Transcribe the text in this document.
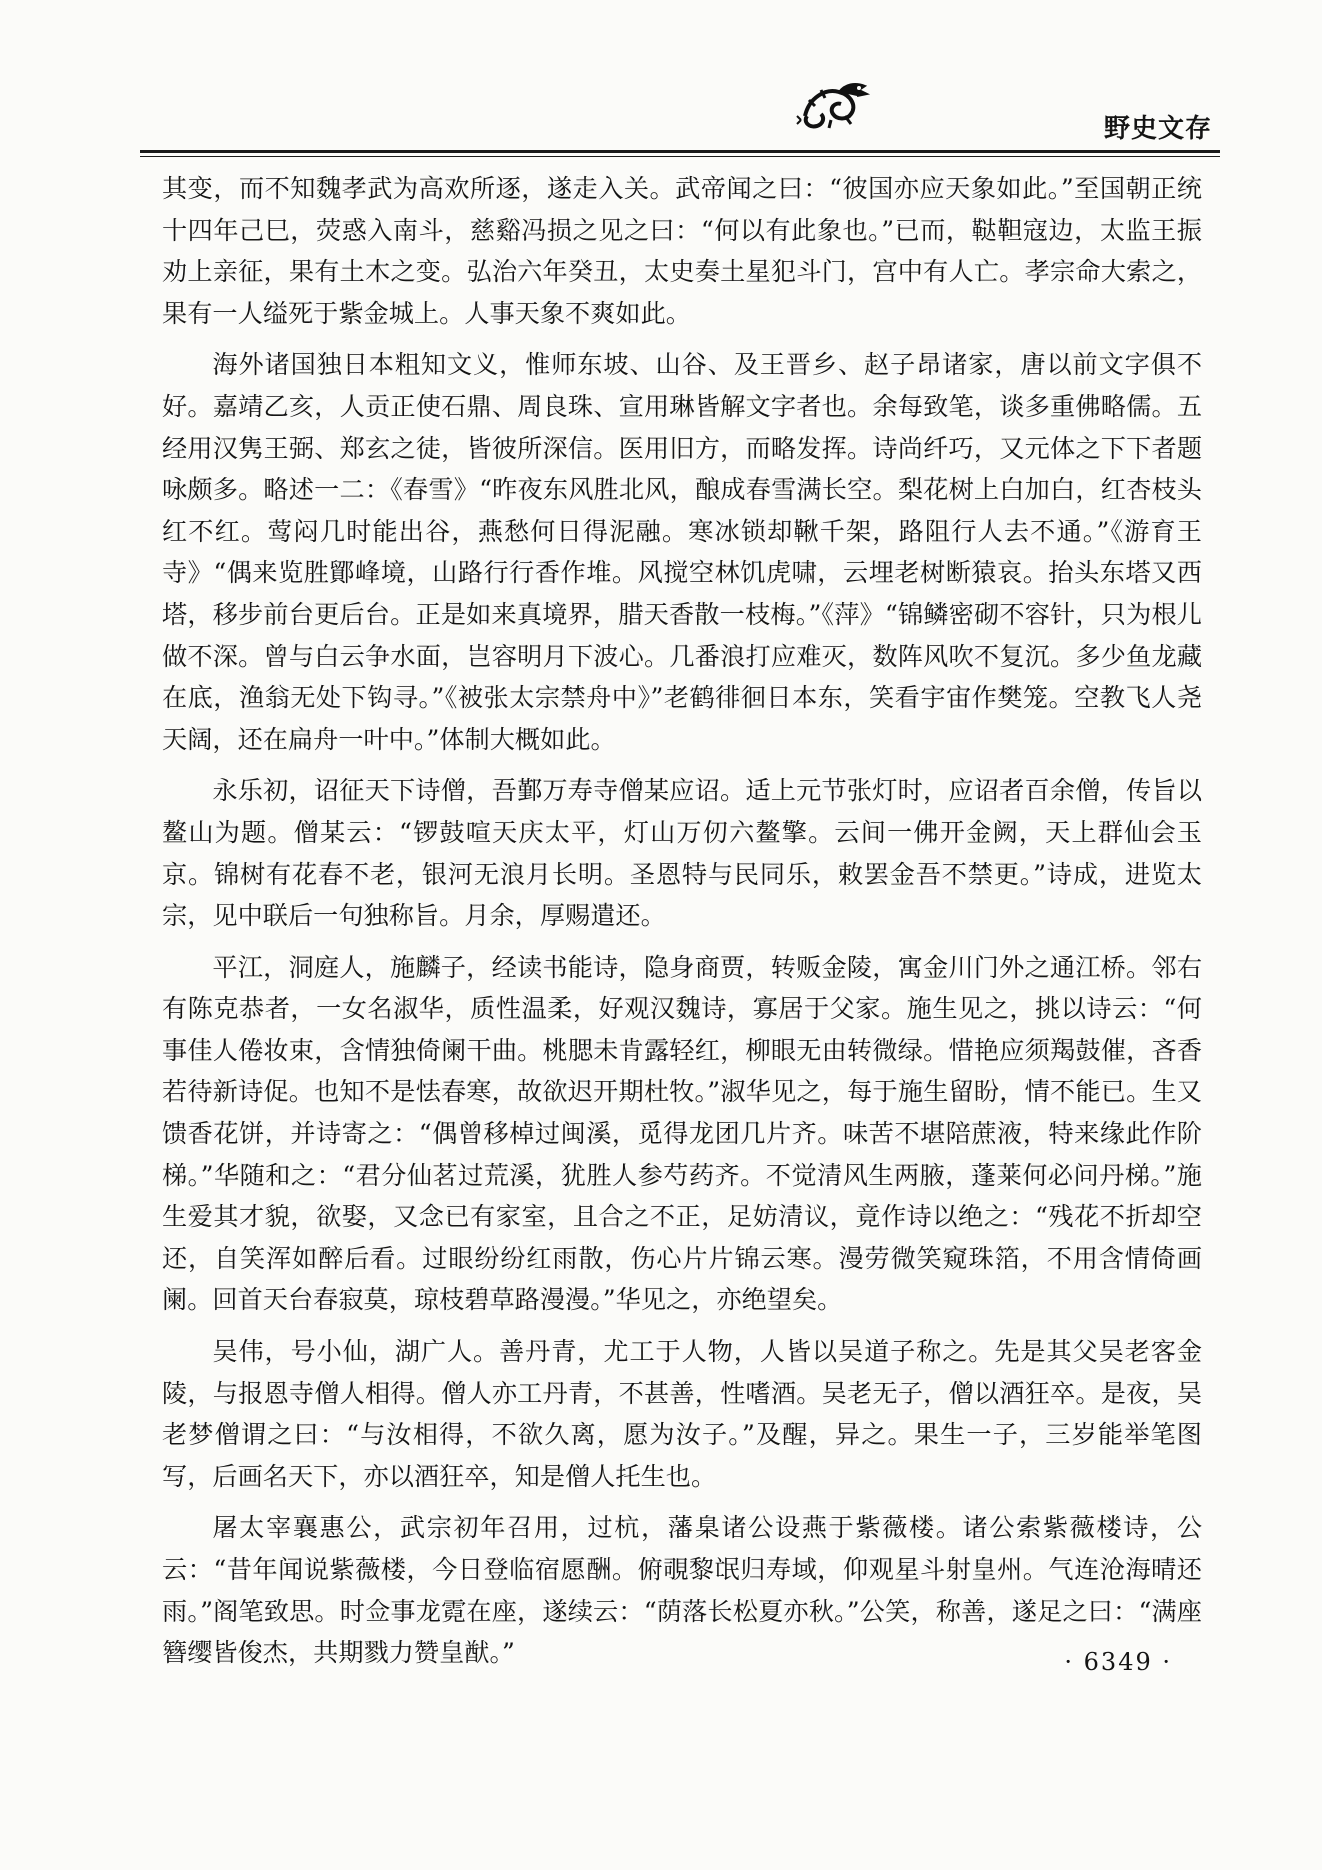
野史文存

其变，而不知魏孝武为高欢所逐，遂走入关。武帝闻之曰：“彼国亦应天象如此。”至国朝正统十四年己巳，荧惑入南斗，慈谿冯损之见之曰：“何以有此象也。”已而，鞑靼寇边，太监王振劝上亲征，果有土木之变。弘治六年癸丑，太史奏土星犯斗门，宫中有人亡。孝宗命大索之，果有一人缢死于紫金城上。人事天象不爽如此。

海外诸国独日本粗知文义，惟师东坡、山谷、及王晋乡、赵子昂诸家，唐以前文字俱不好。嘉靖乙亥，人贡正使石鼎、周良珠、宣用琳皆解文字者也。余每致笔，谈多重佛略儒。五经用汉隽王弼、郑玄之徒，皆彼所深信。医用旧方，而略发挥。诗尚纤巧，又元体之下下者题咏颇多。略述一二：《春雪》“昨夜东风胜北风，酿成春雪满长空。梨花树上白加白，红杏枝头红不红。莺闷几时能出谷，燕愁何日得泥融。寒冰锁却鞦千架，路阻行人去不通。”《游育王寺》“偶来览胜鄮峰境，山路行行香作堆。风搅空林饥虎啸，云埋老树断猿哀。抬头东塔又西塔，移步前台更后台。正是如来真境界，腊天香散一枝梅。”《萍》“锦鳞密砌不容针，只为根儿做不深。曾与白云争水面，岂容明月下波心。几番浪打应难灭，数阵风吹不复沉。多少鱼龙藏在底，渔翁无处下钩寻。”《被张太宗禁舟中》”老鹤徘徊日本东，笑看宇宙作樊笼。空教飞人尧天阔，还在扁舟一叶中。”体制大概如此。

永乐初，诏征天下诗僧，吾鄞万寿寺僧某应诏。适上元节张灯时，应诏者百余僧，传旨以鳌山为题。僧某云：“锣鼓喧天庆太平，灯山万仞六鳌擎。云间一佛开金阙，天上群仙会玉京。锦树有花春不老，银河无浪月长明。圣恩特与民同乐，敕罢金吾不禁更。”诗成，进览太宗，见中联后一句独称旨。月余，厚赐遣还。

平江，洞庭人，施麟子，经读书能诗，隐身商贾，转贩金陵，寓金川门外之通江桥。邻右有陈克恭者，一女名淑华，质性温柔，好观汉魏诗，寡居于父家。施生见之，挑以诗云：“何事佳人倦妆束，含情独倚阑干曲。桃腮未肯露轻红，柳眼无由转微绿。惜艳应须羯鼓催，吝香若待新诗促。也知不是怯春寒，故欲迟开期杜牧。”淑华见之，每于施生留盼，情不能已。生又馈香花饼，并诗寄之：“偶曾移棹过闽溪，觅得龙团几片齐。味苦不堪陪蔗液，特来缘此作阶梯。”华随和之：“君分仙茗过荒溪，犹胜人参芍药齐。不觉清风生两腋，蓬莱何必问丹梯。”施生爱其才貌，欲娶，又念已有家室，且合之不正，足妨清议，竟作诗以绝之：“残花不折却空还，自笑浑如醉后看。过眼纷纷红雨散，伤心片片锦云寒。漫劳微笑窥珠箔，不用含情倚画阑。回首天台春寂莫，琼枝碧草路漫漫。”华见之，亦绝望矣。

吴伟，号小仙，湖广人。善丹青，尤工于人物，人皆以吴道子称之。先是其父吴老客金陵，与报恩寺僧人相得。僧人亦工丹青，不甚善，性嗜酒。吴老无子，僧以酒狂卒。是夜，吴老梦僧谓之曰：“与汝相得，不欲久离，愿为汝子。”及醒，异之。果生一子，三岁能举笔图写，后画名天下，亦以酒狂卒，知是僧人托生也。

屠太宰襄惠公，武宗初年召用，过杭，藩臬诸公设燕于紫薇楼。诸公索紫薇楼诗，公云：“昔年闻说紫薇楼，今日登临宿愿酬。俯覗黎氓归寿域，仰观星斗射皇州。气连沧海晴还雨。”阁笔致思。时佥事龙霓在座，遂续云：“荫落长松夏亦秋。”公笑，称善，遂足之曰：“满座簪缨皆俊杰，共期戮力赞皇猷。”	· 6349 ·
